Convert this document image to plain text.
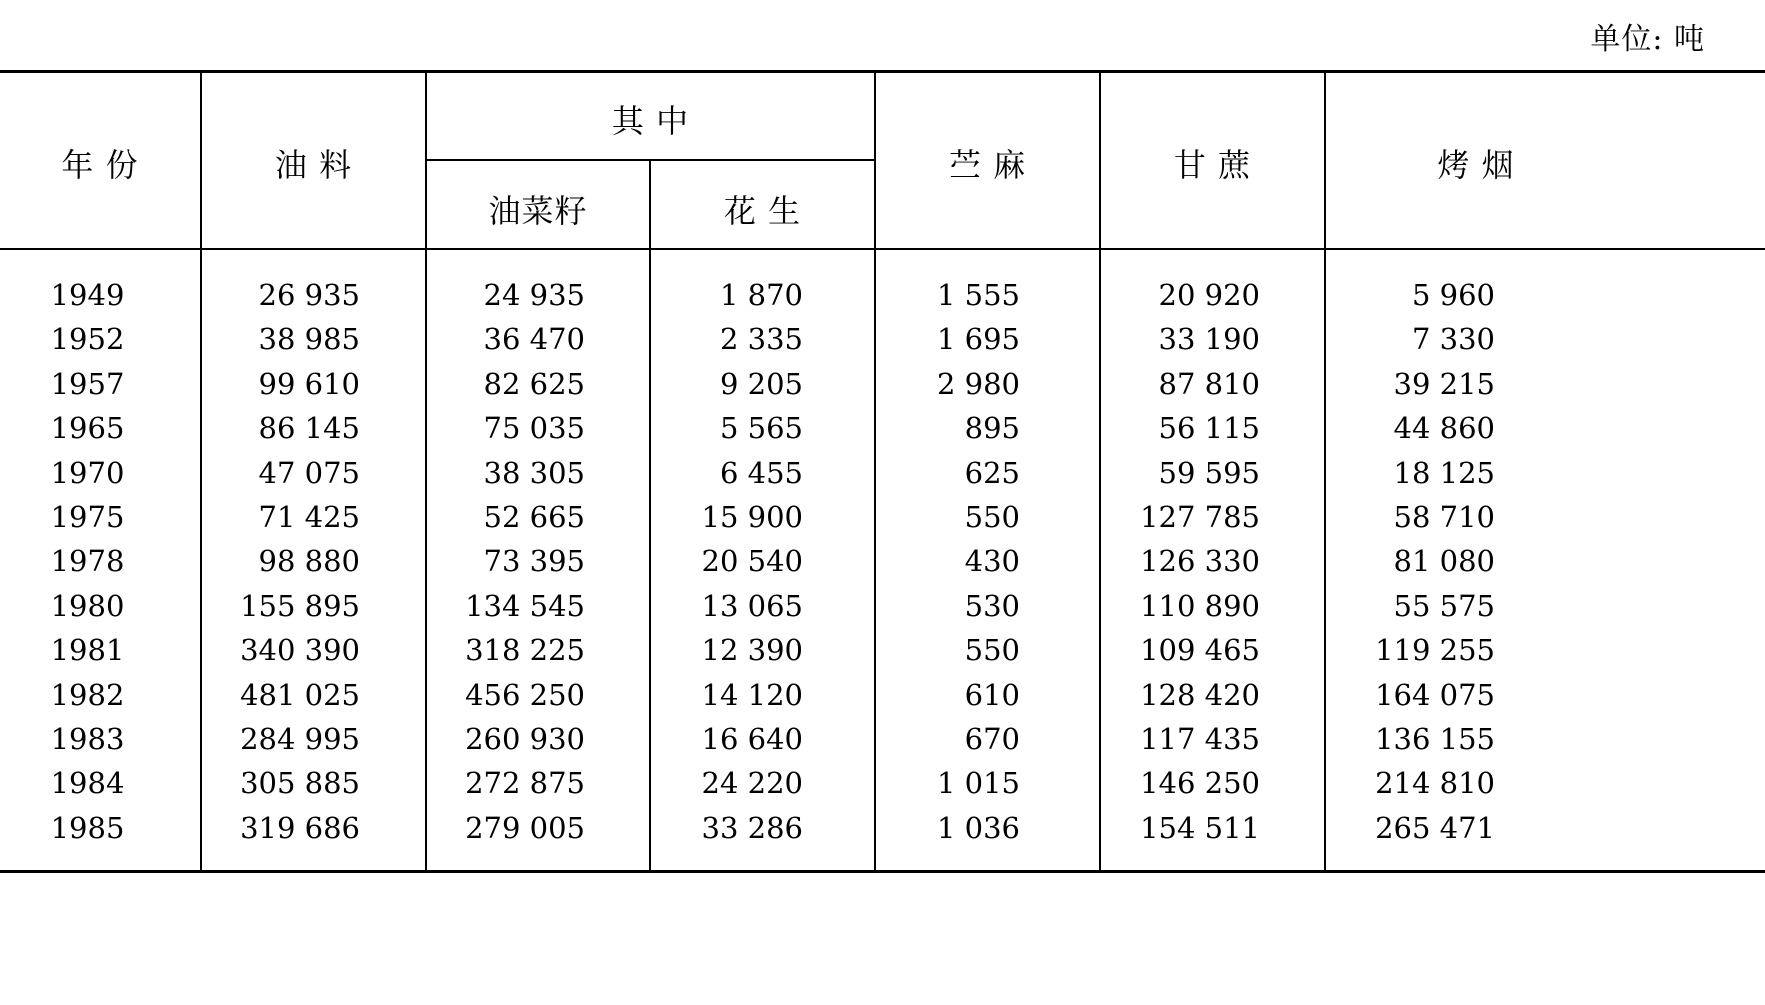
单位: 吨
年 份	油 料
其 中
油菜籽	花 生
苎 麻	甘 蔗	烤 烟
1949	26 935	24 935	1 870	1 555	20 920	5 960
1952	38 985	36 470	2 335	1 695	33 190	7 330
1957	99 610	82 625	9 205	2 980	87 810	39 215
1965	86 145	75 035	5 565	895	56 115	44 860
1970	47 075	38 305	6 455	625	59 595	18 125
1975	71 425	52 665	15 900	550	127 785	58 710
1978	98 880	73 395	20 540	430	126 330	81 080
1980	155 895	134 545	13 065	530	110 890	55 575
1981	340 390	318 225	12 390	550	109 465	119 255
1982	481 025	456 250	14 120	610	128 420	164 075
1983	284 995	260 930	16 640	670	117 435	136 155
1984	305 885	272 875	24 220	1 015	146 250	214 810
1985	319 686	279 005	33 286	1 036	154 511	265 471
